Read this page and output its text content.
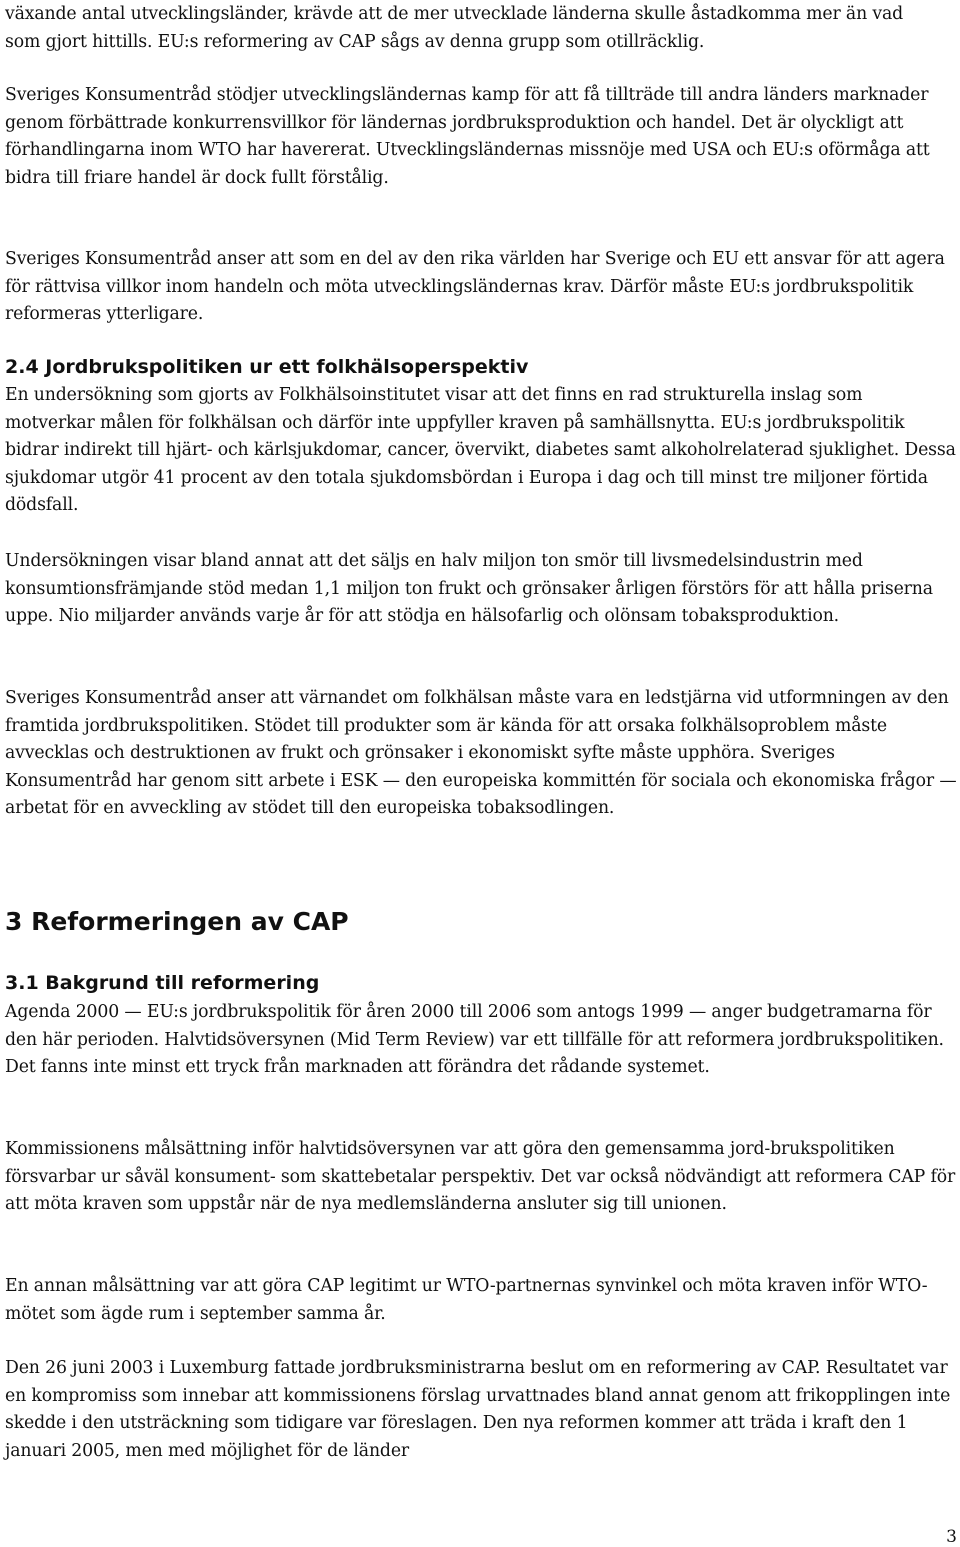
växande antal utvecklingsländer, krävde att de mer utvecklade länderna skulle åstadkomma mer än vad som gjort hittills. EU:s reformering av CAP sågs av denna grupp som otillräcklig.

Sveriges Konsumentråd stödjer utvecklingsländernas kamp för att få tillträde till andra länders marknader genom förbättrade konkurrensvillkor för ländernas jordbruksproduktion och handel. Det är olyckligt att förhandlingarna inom WTO har havererat. Utvecklingsländernas missnöje med USA och EU:s oförmåga att bidra till friare handel är dock fullt förstålig.

Sveriges Konsumentråd anser att som en del av den rika världen har Sverige och EU ett ansvar för att agera för rättvisa villkor inom handeln och möta utvecklingsländernas krav. Därför måste EU:s jordbrukspolitik reformeras ytterligare.

2.4 Jordbrukspolitiken ur ett folkhälsoperspektiv

En undersökning som gjorts av Folkhälsoinstitutet visar att det finns en rad strukturella inslag som motverkar målen för folkhälsan och därför inte uppfyller kraven på samhällsnytta. EU:s jordbrukspolitik bidrar indirekt till hjärt- och kärlsjukdomar, cancer, övervikt, diabetes samt alkoholrelaterad sjuklighet. Dessa sjukdomar utgör 41 procent av den totala sjukdomsbördan i Europa i dag och till minst tre miljoner förtida dödsfall.

Undersökningen visar bland annat att det säljs en halv miljon ton smör till livsmedelsindustrin med konsumtionsfrämjande stöd medan 1,1 miljon ton frukt och grönsaker årligen förstörs för att hålla priserna uppe. Nio miljarder används varje år för att stödja en hälsofarlig och olönsam tobaksproduktion.

Sveriges Konsumentråd anser att värnandet om folkhälsan måste vara en ledstjärna vid utformningen av den framtida jordbrukspolitiken. Stödet till produkter som är kända för att orsaka folkhälsoproblem måste avvecklas och destruktionen av frukt och grönsaker i ekonomiskt syfte måste upphöra. Sveriges Konsumentråd har genom sitt arbete i ESK — den europeiska kommittén för sociala och ekonomiska frågor — arbetat för en avveckling av stödet till den europeiska tobaksodlingen.

3 Reformeringen av CAP
3.1 Bakgrund till reformering

Agenda 2000 — EU:s jordbrukspolitik för åren 2000 till 2006 som antogs 1999 — anger budgetramarna för den här perioden. Halvtidsöversynen (Mid Term Review) var ett tillfälle för att reformera jordbrukspolitiken. Det fanns inte minst ett tryck från marknaden att förändra det rådande systemet.

Kommissionens målsättning inför halvtidsöversynen var att göra den gemensamma jord-brukspolitiken försvarbar ur såväl konsument- som skattebetalar perspektiv. Det var också nödvändigt att reformera CAP för att möta kraven som uppstår när de nya medlemsländerna ansluter sig till unionen.

En annan målsättning var att göra CAP legitimt ur WTO-partnernas synvinkel och möta kraven inför WTO-mötet som ägde rum i september samma år.

Den 26 juni 2003 i Luxemburg fattade jordbruksministrarna beslut om en reformering av CAP. Resultatet var en kompromiss som innebar att kommissionens förslag urvattnades bland annat genom att frikopplingen inte skedde i den utsträckning som tidigare var föreslagen. Den nya reformen kommer att träda i kraft den 1 januari 2005, men med möjlighet för de länder

3
